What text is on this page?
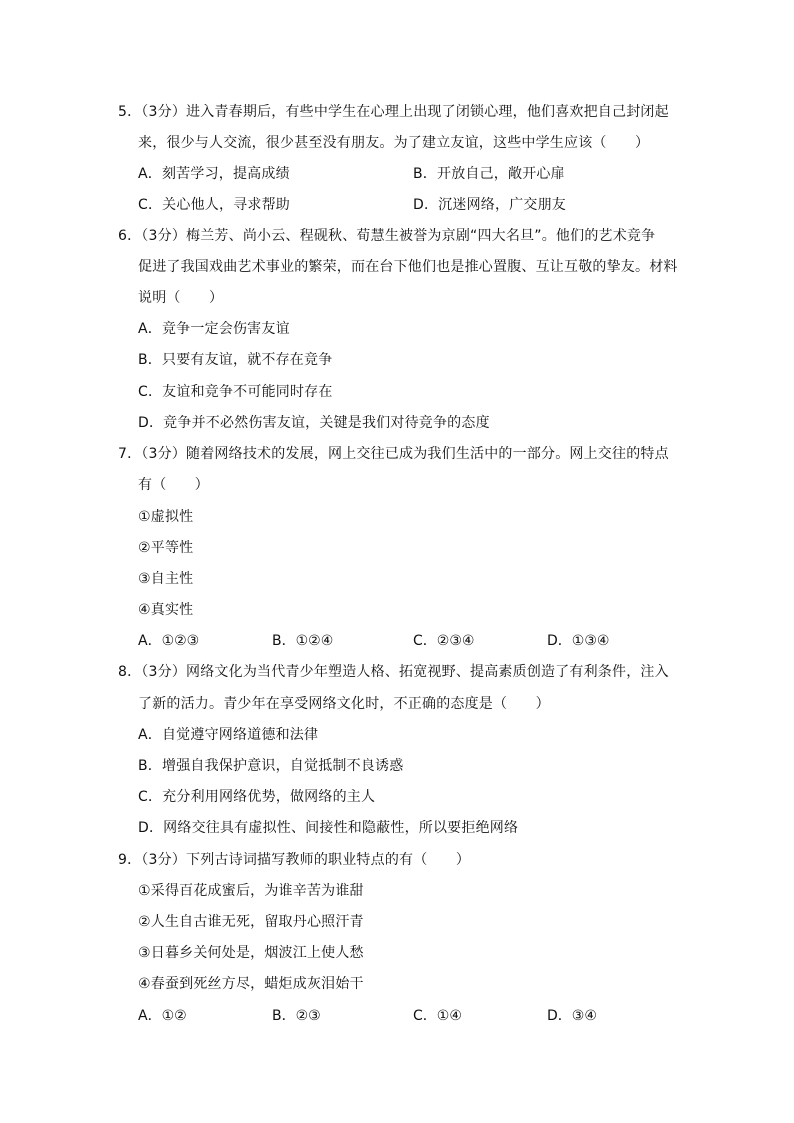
5．（3分）进入青春期后，有些中学生在心理上出现了闭锁心理，他们喜欢把自己封闭起
来，很少与人交流，很少甚至没有朋友。为了建立友谊，这些中学生应该（　　）
A．刻苦学习，提高成绩	B．开放自己，敞开心扉
C．关心他人，寻求帮助	D．沉迷网络，广交朋友
6．（3分）梅兰芳、尚小云、程砚秋、荀慧生被誉为京剧“四大名旦”。他们的艺术竞争
促进了我国戏曲艺术事业的繁荣，而在台下他们也是推心置腹、互让互敬的挚友。材料
说明（　　）
A．竞争一定会伤害友谊
B．只要有友谊，就不存在竞争
C．友谊和竞争不可能同时存在
D．竞争并不必然伤害友谊，关键是我们对待竞争的态度
7．（3分）随着网络技术的发展，网上交往已成为我们生活中的一部分。网上交往的特点
有（　　）
①虚拟性
②平等性
③自主性
④真实性
A．①②③	B．①②④	C．②③④	D．①③④
8．（3分）网络文化为当代青少年塑造人格、拓宽视野、提高素质创造了有利条件，注入
了新的活力。青少年在享受网络文化时，不正确的态度是（　　）
A．自觉遵守网络道德和法律
B．增强自我保护意识，自觉抵制不良诱惑
C．充分利用网络优势，做网络的主人
D．网络交往具有虚拟性、间接性和隐蔽性，所以要拒绝网络
9．（3分）下列古诗词描写教师的职业特点的有（　　）
①采得百花成蜜后，为谁辛苦为谁甜
②人生自古谁无死，留取丹心照汗青
③日暮乡关何处是，烟波江上使人愁
④春蚕到死丝方尽，蜡炬成灰泪始干
A．①②	B．②③	C．①④	D．③④
